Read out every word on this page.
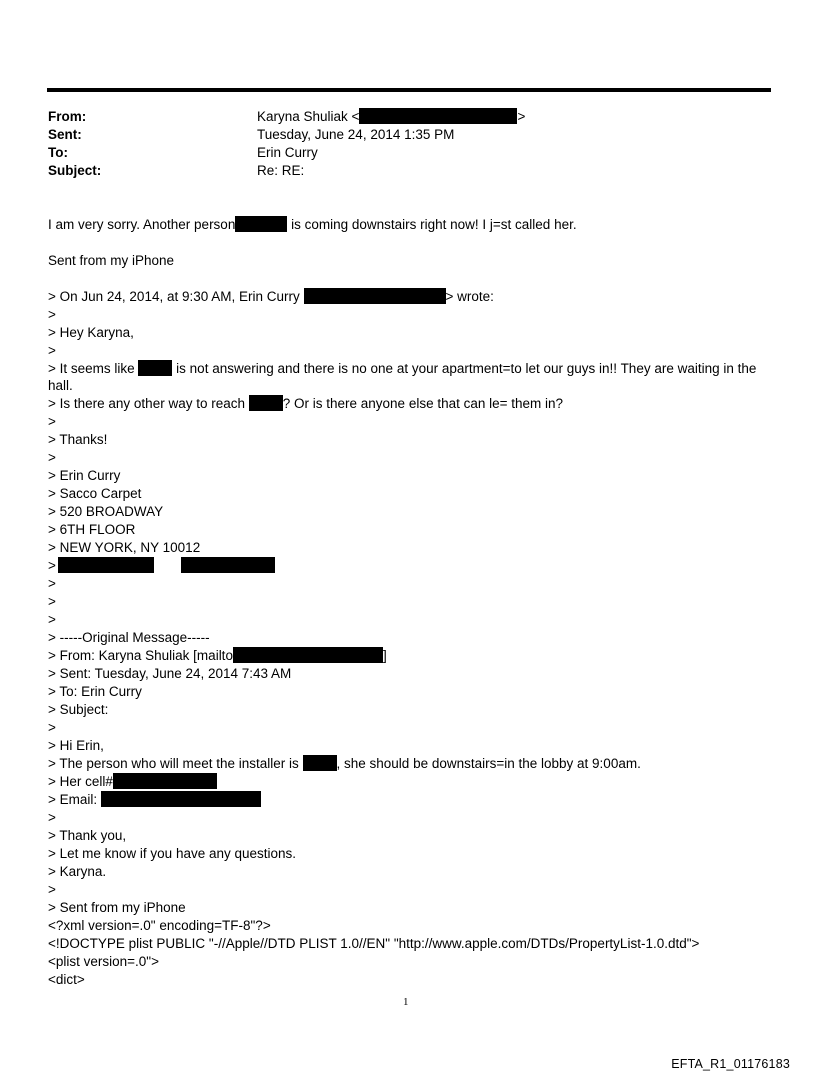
From:	Karyna Shuliak <	>
Sent:	Tuesday, June 24, 2014 1:35 PM
To:	Erin Curry
Subject:	Re: RE:
I am very sorry. Another person	is coming downstairs right now! I j=st called her.
Sent from my iPhone
> On Jun 24, 2014, at 9:30 AM, Erin Curry	> wrote:
>
> Hey Karyna,
>
> It seems like	is not answering and there is no one at your apartment=to let our guys in!! They are waiting in the
hall.
> Is there any other way to reach	? Or is there anyone else that can le= them in?
>
> Thanks!
>
> Erin Curry
> Sacco Carpet
> 520 BROADWAY
> 6TH FLOOR
> NEW YORK, NY 10012
>
>
>
>
> -----Original Message-----
> From: Karyna Shuliak [mailto	]
> Sent: Tuesday, June 24, 2014 7:43 AM
> To: Erin Curry
> Subject:
>
> Hi Erin,
> The person who will meet the installer is	, she should be downstairs=in the lobby at 9:00am.
> Her cell#
> Email:
>
> Thank you,
> Let me know if you have any questions.
> Karyna.
>
> Sent from my iPhone
<?xml version=.0" encoding=TF-8"?>
<!DOCTYPE plist PUBLIC "-//Apple//DTD PLIST 1.0//EN" "http://www.apple.com/DTDs/PropertyList-1.0.dtd">
<plist version=.0">
<dict>
1
EFTA_R1_01176183
